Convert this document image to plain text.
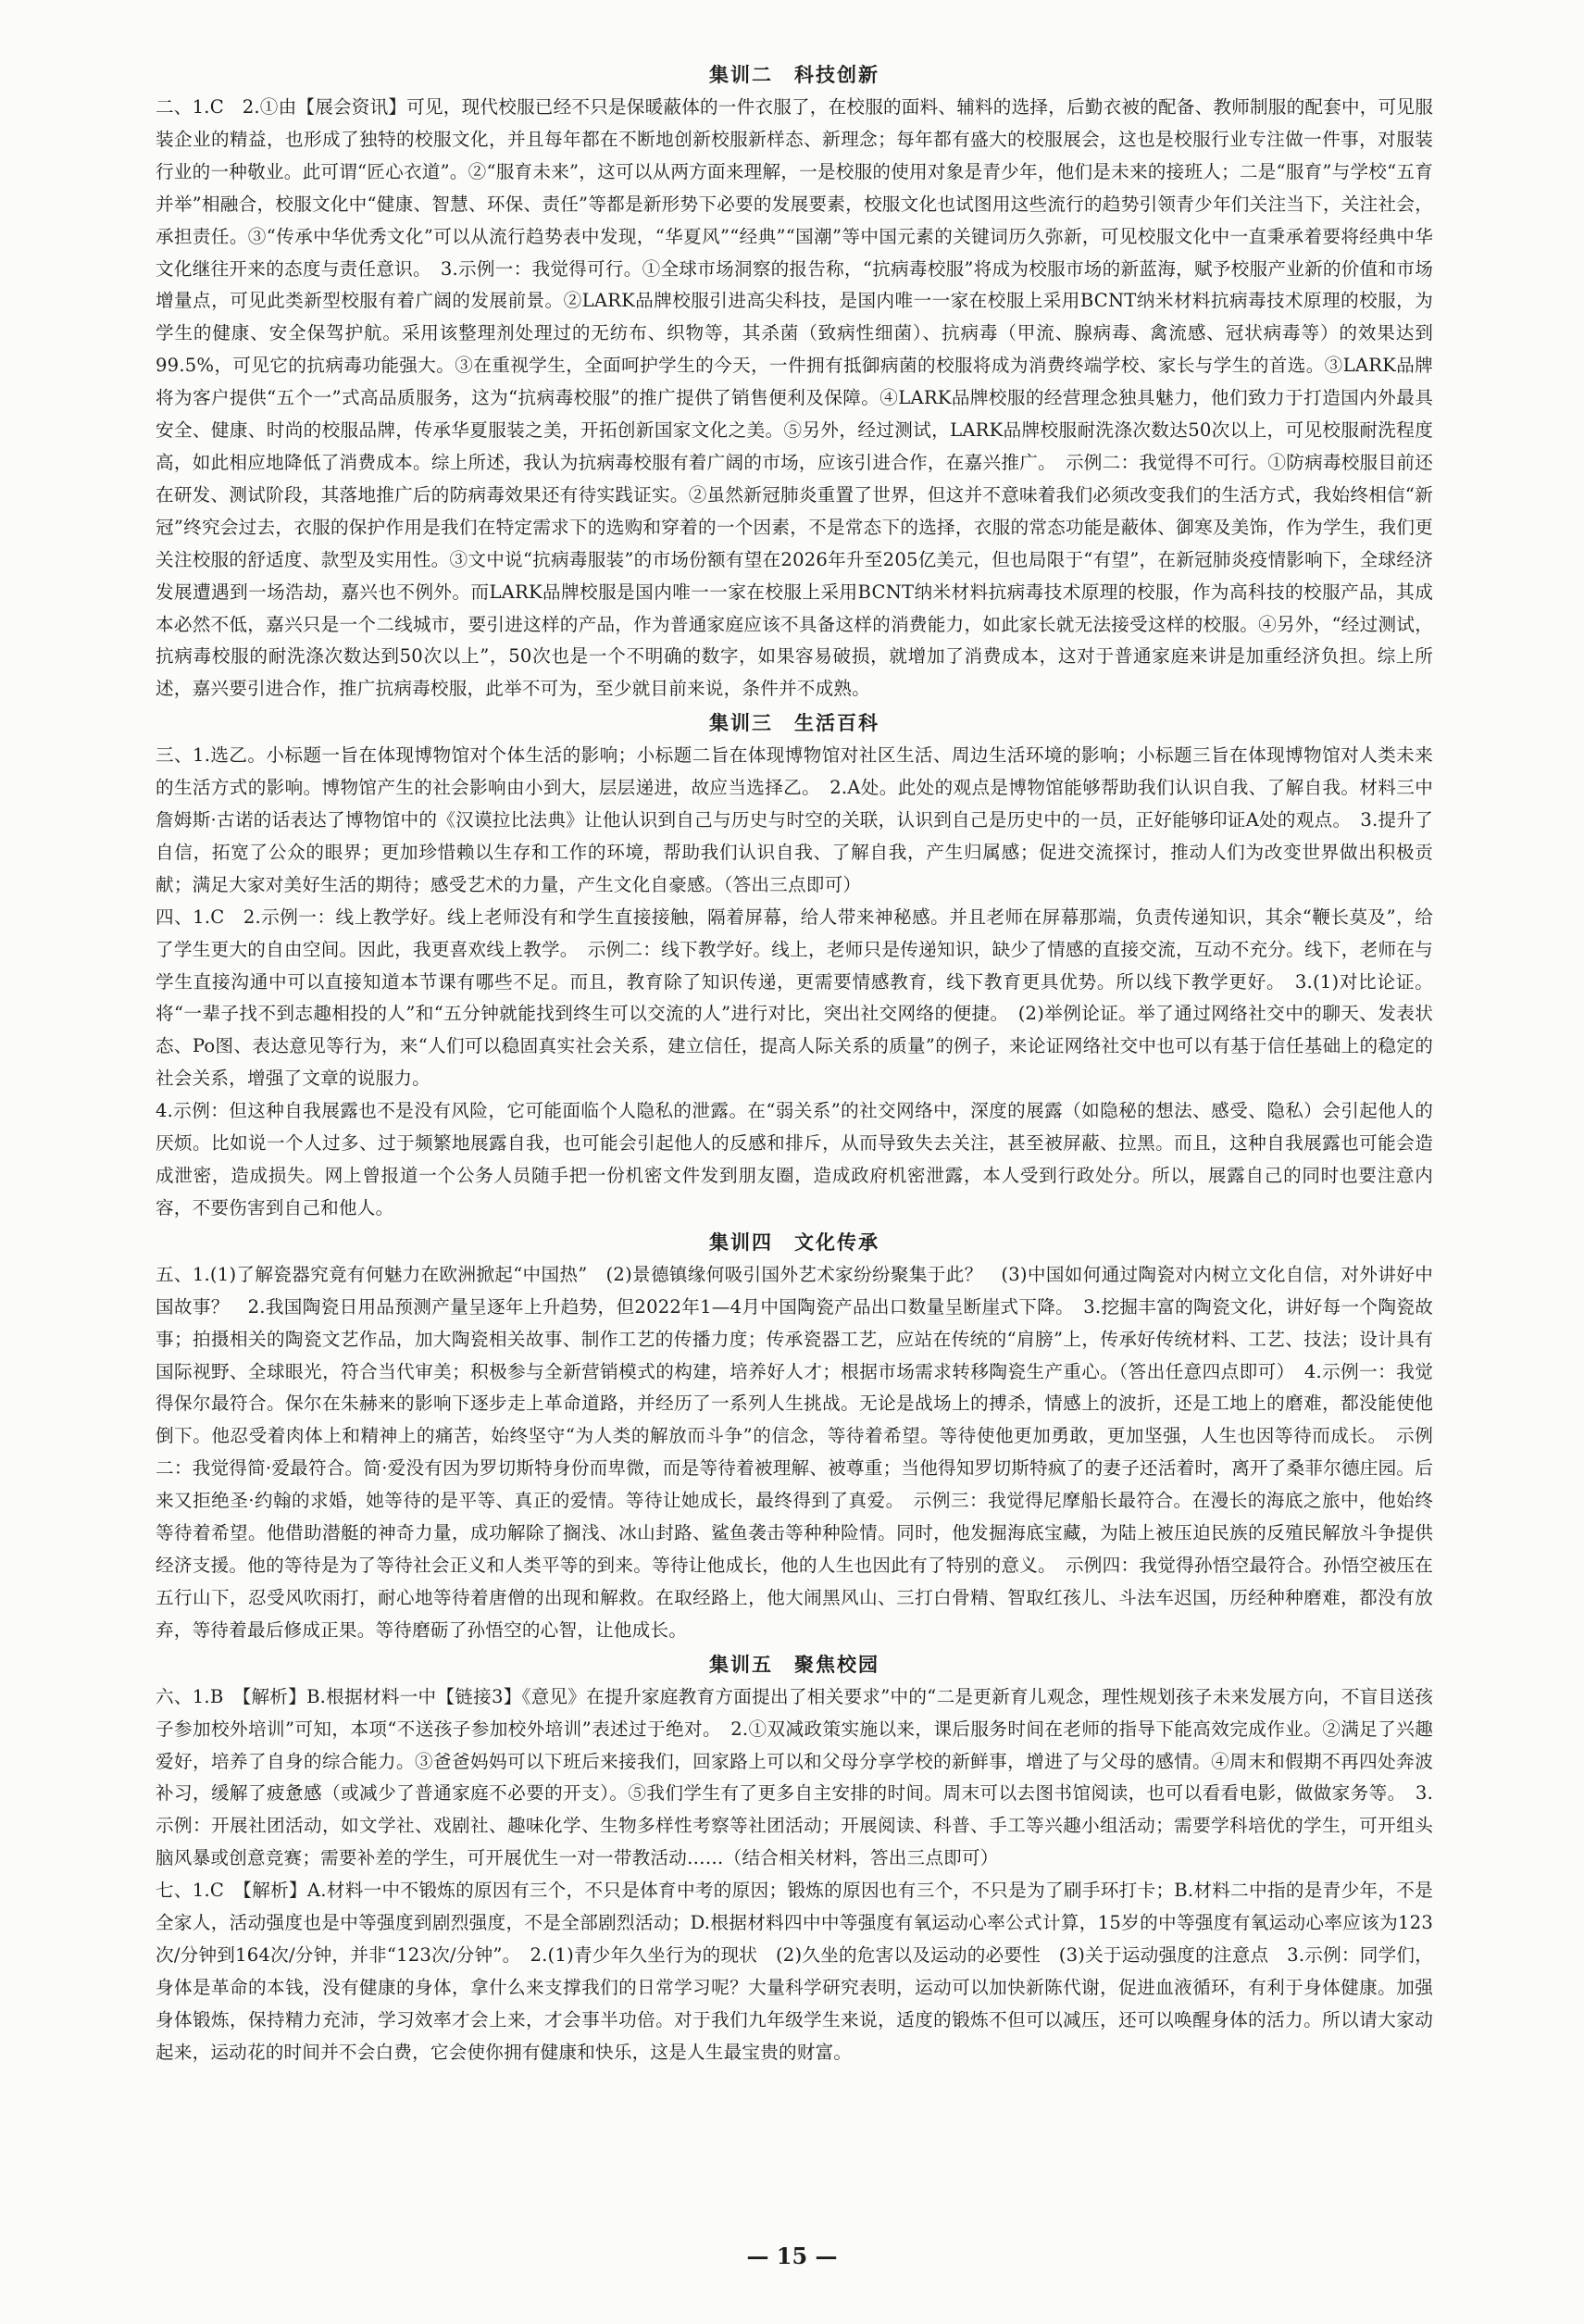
集训二　科技创新

二、1.C　2.①由【展会资讯】可见，现代校服已经不只是保暖蔽体的一件衣服了，在校服的面料、辅料的选择，后勤衣被的配备、教师制服的配套中，可见服装企业的精益，也形成了独特的校服文化，并且每年都在不断地创新校服新样态、新理念；每年都有盛大的校服展会，这也是校服行业专注做一件事，对服装行业的一种敬业。此可谓“匠心衣道”。②“服育未来”，这可以从两方面来理解，一是校服的使用对象是青少年，他们是未来的接班人；二是“服育”与学校“五育并举”相融合，校服文化中“健康、智慧、环保、责任”等都是新形势下必要的发展要素，校服文化也试图用这些流行的趋势引领青少年们关注当下，关注社会，承担责任。③“传承中华优秀文化”可以从流行趋势表中发现，“华夏风”“经典”“国潮”等中国元素的关键词历久弥新，可见校服文化中一直秉承着要将经典中华文化继往开来的态度与责任意识。　3.示例一：我觉得可行。①全球市场洞察的报告称，“抗病毒校服”将成为校服市场的新蓝海，赋予校服产业新的价值和市场增量点，可见此类新型校服有着广阔的发展前景。②LARK品牌校服引进高尖科技，是国内唯一一家在校服上采用BCNT纳米材料抗病毒技术原理的校服，为学生的健康、安全保驾护航。采用该整理剂处理过的无纺布、织物等，其杀菌（致病性细菌）、抗病毒（甲流、腺病毒、禽流感、冠状病毒等）的效果达到99.5%，可见它的抗病毒功能强大。③在重视学生，全面呵护学生的今天，一件拥有抵御病菌的校服将成为消费终端学校、家长与学生的首选。③LARK品牌将为客户提供“五个一”式高品质服务，这为“抗病毒校服”的推广提供了销售便利及保障。④LARK品牌校服的经营理念独具魅力，他们致力于打造国内外最具安全、健康、时尚的校服品牌，传承华夏服装之美，开拓创新国家文化之美。⑤另外，经过测试，LARK品牌校服耐洗涤次数达50次以上，可见校服耐洗程度高，如此相应地降低了消费成本。综上所述，我认为抗病毒校服有着广阔的市场，应该引进合作，在嘉兴推广。　示例二：我觉得不可行。①防病毒校服目前还在研发、测试阶段，其落地推广后的防病毒效果还有待实践证实。②虽然新冠肺炎重置了世界，但这并不意味着我们必须改变我们的生活方式，我始终相信“新冠”终究会过去，衣服的保护作用是我们在特定需求下的选购和穿着的一个因素，不是常态下的选择，衣服的常态功能是蔽体、御寒及美饰，作为学生，我们更关注校服的舒适度、款型及实用性。③文中说“抗病毒服装”的市场份额有望在2026年升至205亿美元，但也局限于“有望”，在新冠肺炎疫情影响下，全球经济发展遭遇到一场浩劫，嘉兴也不例外。而LARK品牌校服是国内唯一一家在校服上采用BCNT纳米材料抗病毒技术原理的校服，作为高科技的校服产品，其成本必然不低，嘉兴只是一个二线城市，要引进这样的产品，作为普通家庭应该不具备这样的消费能力，如此家长就无法接受这样的校服。④另外，“经过测试，抗病毒校服的耐洗涤次数达到50次以上”，50次也是一个不明确的数字，如果容易破损，就增加了消费成本，这对于普通家庭来讲是加重经济负担。综上所述，嘉兴要引进合作，推广抗病毒校服，此举不可为，至少就目前来说，条件并不成熟。

集训三　生活百科

三、1.选乙。小标题一旨在体现博物馆对个体生活的影响；小标题二旨在体现博物馆对社区生活、周边生活环境的影响；小标题三旨在体现博物馆对人类未来的生活方式的影响。博物馆产生的社会影响由小到大，层层递进，故应当选择乙。　2.A处。此处的观点是博物馆能够帮助我们认识自我、了解自我。材料三中詹姆斯·古诺的话表达了博物馆中的《汉谟拉比法典》让他认识到自己与历史与时空的关联，认识到自己是历史中的一员，正好能够印证A处的观点。　3.提升了自信，拓宽了公众的眼界；更加珍惜赖以生存和工作的环境，帮助我们认识自我、了解自我，产生归属感；促进交流探讨，推动人们为改变世界做出积极贡献；满足大家对美好生活的期待；感受艺术的力量，产生文化自豪感。（答出三点即可）

四、1.C　2.示例一：线上教学好。线上老师没有和学生直接接触，隔着屏幕，给人带来神秘感。并且老师在屏幕那端，负责传递知识，其余“鞭长莫及”，给了学生更大的自由空间。因此，我更喜欢线上教学。　示例二：线下教学好。线上，老师只是传递知识，缺少了情感的直接交流，互动不充分。线下，老师在与学生直接沟通中可以直接知道本节课有哪些不足。而且，教育除了知识传递，更需要情感教育，线下教育更具优势。所以线下教学更好。　3.(1)对比论证。将“一辈子找不到志趣相投的人”和“五分钟就能找到终生可以交流的人”进行对比，突出社交网络的便捷。　(2)举例论证。举了通过网络社交中的聊天、发表状态、Po图、表达意见等行为，来“人们可以稳固真实社会关系，建立信任，提高人际关系的质量”的例子，来论证网络社交中也可以有基于信任基础上的稳定的社会关系，增强了文章的说服力。

4.示例：但这种自我展露也不是没有风险，它可能面临个人隐私的泄露。在“弱关系”的社交网络中，深度的展露（如隐秘的想法、感受、隐私）会引起他人的厌烦。比如说一个人过多、过于频繁地展露自我，也可能会引起他人的反感和排斥，从而导致失去关注，甚至被屏蔽、拉黑。而且，这种自我展露也可能会造成泄密，造成损失。网上曾报道一个公务人员随手把一份机密文件发到朋友圈，造成政府机密泄露，本人受到行政处分。所以，展露自己的同时也要注意内容，不要伤害到自己和他人。

集训四　文化传承

五、1.(1)了解瓷器究竟有何魅力在欧洲掀起“中国热”　(2)景德镇缘何吸引国外艺术家纷纷聚集于此？　(3)中国如何通过陶瓷对内树立文化自信，对外讲好中国故事？　2.我国陶瓷日用品预测产量呈逐年上升趋势，但2022年1—4月中国陶瓷产品出口数量呈断崖式下降。　3.挖掘丰富的陶瓷文化，讲好每一个陶瓷故事；拍摄相关的陶瓷文艺作品，加大陶瓷相关故事、制作工艺的传播力度；传承瓷器工艺，应站在传统的“肩膀”上，传承好传统材料、工艺、技法；设计具有国际视野、全球眼光，符合当代审美；积极参与全新营销模式的构建，培养好人才；根据市场需求转移陶瓷生产重心。（答出任意四点即可）　4.示例一：我觉得保尔最符合。保尔在朱赫来的影响下逐步走上革命道路，并经历了一系列人生挑战。无论是战场上的搏杀，情感上的波折，还是工地上的磨难，都没能使他倒下。他忍受着肉体上和精神上的痛苦，始终坚守“为人类的解放而斗争”的信念，等待着希望。等待使他更加勇敢，更加坚强，人生也因等待而成长。　示例二：我觉得简·爱最符合。简·爱没有因为罗切斯特身份而卑微，而是等待着被理解、被尊重；当他得知罗切斯特疯了的妻子还活着时，离开了桑菲尔德庄园。后来又拒绝圣·约翰的求婚，她等待的是平等、真正的爱情。等待让她成长，最终得到了真爱。　示例三：我觉得尼摩船长最符合。在漫长的海底之旅中，他始终等待着希望。他借助潜艇的神奇力量，成功解除了搁浅、冰山封路、鲨鱼袭击等种种险情。同时，他发掘海底宝藏，为陆上被压迫民族的反殖民解放斗争提供经济支援。他的等待是为了等待社会正义和人类平等的到来。等待让他成长，他的人生也因此有了特别的意义。　示例四：我觉得孙悟空最符合。孙悟空被压在五行山下，忍受风吹雨打，耐心地等待着唐僧的出现和解救。在取经路上，他大闹黑风山、三打白骨精、智取红孩儿、斗法车迟国，历经种种磨难，都没有放弃，等待着最后修成正果。等待磨砺了孙悟空的心智，让他成长。

集训五　聚焦校园

六、1.B　【解析】B.根据材料一中【链接3】《意见》在提升家庭教育方面提出了相关要求”中的“二是更新育儿观念，理性规划孩子未来发展方向，不盲目送孩子参加校外培训”可知，本项“不送孩子参加校外培训”表述过于绝对。　2.①双减政策实施以来，课后服务时间在老师的指导下能高效完成作业。②满足了兴趣爱好，培养了自身的综合能力。③爸爸妈妈可以下班后来接我们，回家路上可以和父母分享学校的新鲜事，增进了与父母的感情。④周末和假期不再四处奔波补习，缓解了疲惫感（或减少了普通家庭不必要的开支）。⑤我们学生有了更多自主安排的时间。周末可以去图书馆阅读，也可以看看电影，做做家务等。　3.示例：开展社团活动，如文学社、戏剧社、趣味化学、生物多样性考察等社团活动；开展阅读、科普、手工等兴趣小组活动；需要学科培优的学生，可开组头脑风暴或创意竞赛；需要补差的学生，可开展优生一对一带教活动……（结合相关材料，答出三点即可）

七、1.C　【解析】A.材料一中不锻炼的原因有三个，不只是体育中考的原因；锻炼的原因也有三个，不只是为了刷手环打卡；B.材料二中指的是青少年，不是全家人，活动强度也是中等强度到剧烈强度，不是全部剧烈活动；D.根据材料四中中等强度有氧运动心率公式计算，15岁的中等强度有氧运动心率应该为123次/分钟到164次/分钟，并非“123次/分钟”。　2.(1)青少年久坐行为的现状　(2)久坐的危害以及运动的必要性　(3)关于运动强度的注意点　3.示例：同学们，身体是革命的本钱，没有健康的身体，拿什么来支撑我们的日常学习呢？大量科学研究表明，运动可以加快新陈代谢，促进血液循环，有利于身体健康。加强身体锻炼，保持精力充沛，学习效率才会上来，才会事半功倍。对于我们九年级学生来说，适度的锻炼不但可以减压，还可以唤醒身体的活力。所以请大家动起来，运动花的时间并不会白费，它会使你拥有健康和快乐，这是人生最宝贵的财富。

— 15 —
